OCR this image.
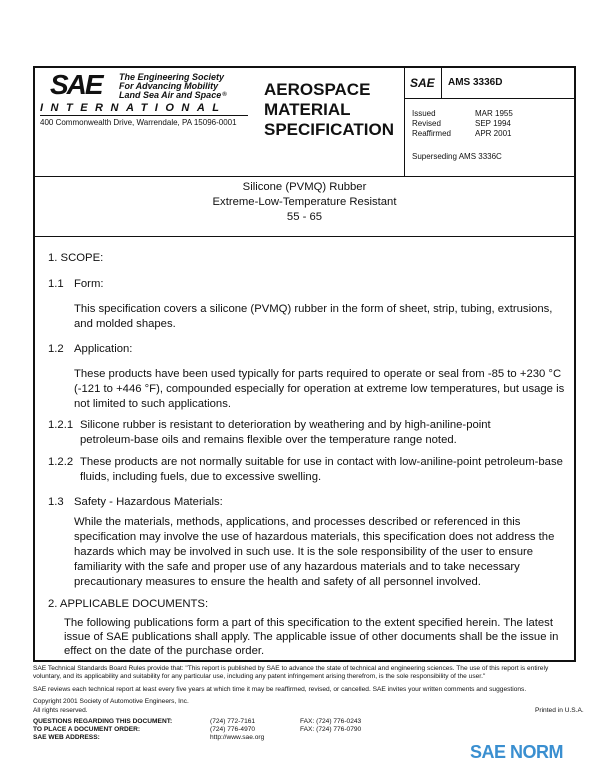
SAE The Engineering Society
For Advancing Mobility
Land Sea Air and Space®
INTERNATIONAL
400 Commonwealth Drive, Warrendale, PA 15096-0001
AEROSPACE
MATERIAL
SPECIFICATION
SAE AMS 3336D
Issued
Revised
Reaffirmed
MAR 1955
SEP 1994
APR 2001
Superseding AMS 3336C
Silicone (PVMQ) Rubber
Extreme-Low-Temperature Resistant
55 - 65
1. SCOPE:
1.1 Form:
This specification covers a silicone (PVMQ) rubber in the form of sheet, strip, tubing, extrusions, and molded shapes.
1.2 Application:
These products have been used typically for parts required to operate or seal from -85 to +230 °C (-121 to +446 °F), compounded especially for operation at extreme low temperatures, but usage is not limited to such applications.
1.2.1 Silicone rubber is resistant to deterioration by weathering and by high-aniline-point petroleum-base oils and remains flexible over the temperature range noted.
1.2.2 These products are not normally suitable for use in contact with low-aniline-point petroleum-base fluids, including fuels, due to excessive swelling.
1.3 Safety - Hazardous Materials:
While the materials, methods, applications, and processes described or referenced in this specification may involve the use of hazardous materials, this specification does not address the hazards which may be involved in such use. It is the sole responsibility of the user to ensure familiarity with the safe and proper use of any hazardous materials and to take necessary precautionary measures to ensure the health and safety of all personnel involved.
2. APPLICABLE DOCUMENTS:
The following publications form a part of this specification to the extent specified herein. The latest issue of SAE publications shall apply. The applicable issue of other documents shall be the issue in effect on the date of the purchase order.
SAE Technical Standards Board Rules provide that: "This report is published by SAE to advance the state of technical and engineering sciences. The use of this report is entirely voluntary, and its applicability and suitability for any particular use, including any patent infringement arising therefrom, is the sole responsibility of the user."
SAE reviews each technical report at least every five years at which time it may be reaffirmed, revised, or cancelled. SAE invites your written comments and suggestions.
Copyright 2001 Society of Automotive Engineers, Inc.
All rights reserved.	Printed in U.S.A.
QUESTIONS REGARDING THIS DOCUMENT:
TO PLACE A DOCUMENT ORDER:
SAE WEB ADDRESS:
(724) 772-7161
(724) 776-4970
http://www.sae.org
FAX: (724) 776-0243
FAX: (724) 776-0790
SAE NORM
